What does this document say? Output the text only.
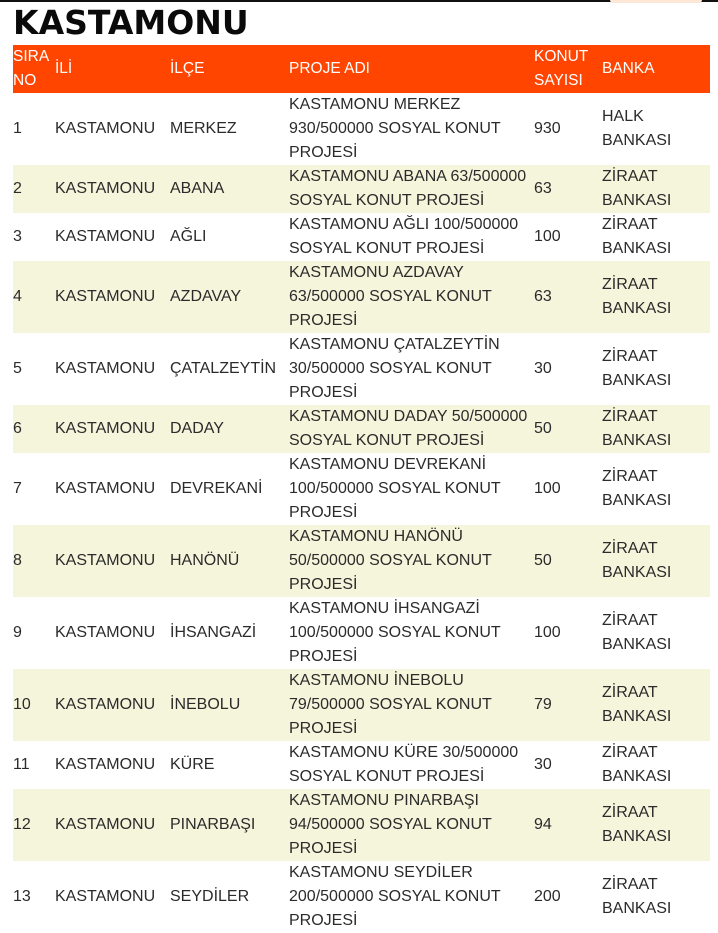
KASTAMONU
SIRA NO	İLİ	İLÇE	PROJE ADI	KONUT SAYISI	BANKA
1	KASTAMONU	MERKEZ	KASTAMONU MERKEZ 930/500000 SOSYAL KONUT PROJESİ	930	HALK BANKASI
2	KASTAMONU	ABANA	KASTAMONU ABANA 63/500000 SOSYAL KONUT PROJESİ	63	ZİRAAT BANKASI
3	KASTAMONU	AĞLI	KASTAMONU AĞLI 100/500000 SOSYAL KONUT PROJESİ	100	ZİRAAT BANKASI
4	KASTAMONU	AZDAVAY	KASTAMONU AZDAVAY 63/500000 SOSYAL KONUT PROJESİ	63	ZİRAAT BANKASI
5	KASTAMONU	ÇATALZEYTİN	KASTAMONU ÇATALZEYTİN 30/500000 SOSYAL KONUT PROJESİ	30	ZİRAAT BANKASI
6	KASTAMONU	DADAY	KASTAMONU DADAY 50/500000 SOSYAL KONUT PROJESİ	50	ZİRAAT BANKASI
7	KASTAMONU	DEVREKANİ	KASTAMONU DEVREKANİ 100/500000 SOSYAL KONUT PROJESİ	100	ZİRAAT BANKASI
8	KASTAMONU	HANÖNÜ	KASTAMONU HANÖNÜ 50/500000 SOSYAL KONUT PROJESİ	50	ZİRAAT BANKASI
9	KASTAMONU	İHSANGAZİ	KASTAMONU İHSANGAZİ 100/500000 SOSYAL KONUT PROJESİ	100	ZİRAAT BANKASI
10	KASTAMONU	İNEBOLU	KASTAMONU İNEBOLU 79/500000 SOSYAL KONUT PROJESİ	79	ZİRAAT BANKASI
11	KASTAMONU	KÜRE	KASTAMONU KÜRE 30/500000 SOSYAL KONUT PROJESİ	30	ZİRAAT BANKASI
12	KASTAMONU	PINARBAŞI	KASTAMONU PINARBAŞI 94/500000 SOSYAL KONUT PROJESİ	94	ZİRAAT BANKASI
13	KASTAMONU	SEYDİLER	KASTAMONU SEYDİLER 200/500000 SOSYAL KONUT PROJESİ	200	ZİRAAT BANKASI
